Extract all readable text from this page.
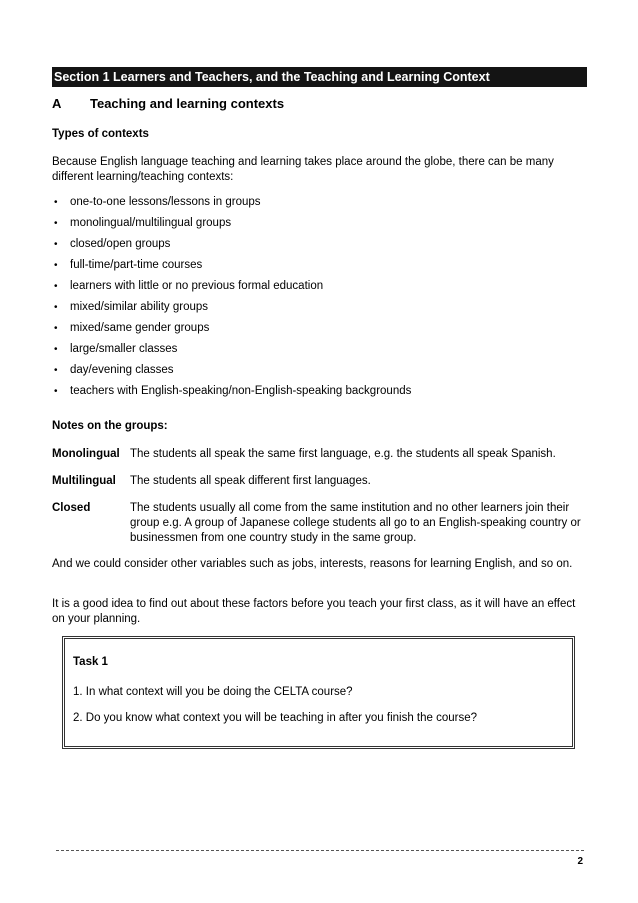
Section 1 Learners and Teachers, and the Teaching and Learning Context
A Teaching and learning contexts
Types of contexts
Because English language teaching and learning takes place around the globe, there can be many different learning/teaching contexts:
• one-to-one lessons/lessons in groups
• monolingual/multilingual groups
• closed/open groups
• full-time/part-time courses
• learners with little or no previous formal education
• mixed/similar ability groups
• mixed/same gender groups
• large/smaller classes
• day/evening classes
• teachers with English-speaking/non-English-speaking backgrounds
Notes on the groups:
Monolingual The students all speak the same first language, e.g. the students all speak Spanish.
Multilingual The students all speak different first languages.
Closed	The students usually all come from the same institution and no other learners join their group e.g. A group of Japanese college students all go to an English-speaking country or businessmen from one country study in the same group.
And we could consider other variables such as jobs, interests, reasons for learning English, and so on.
It is a good idea to find out about these factors before you teach your first class, as it will have an effect on your planning.
Task 1
1. In what context will you be doing the CELTA course?
2. Do you know what context you will be teaching in after you finish the course?
2
